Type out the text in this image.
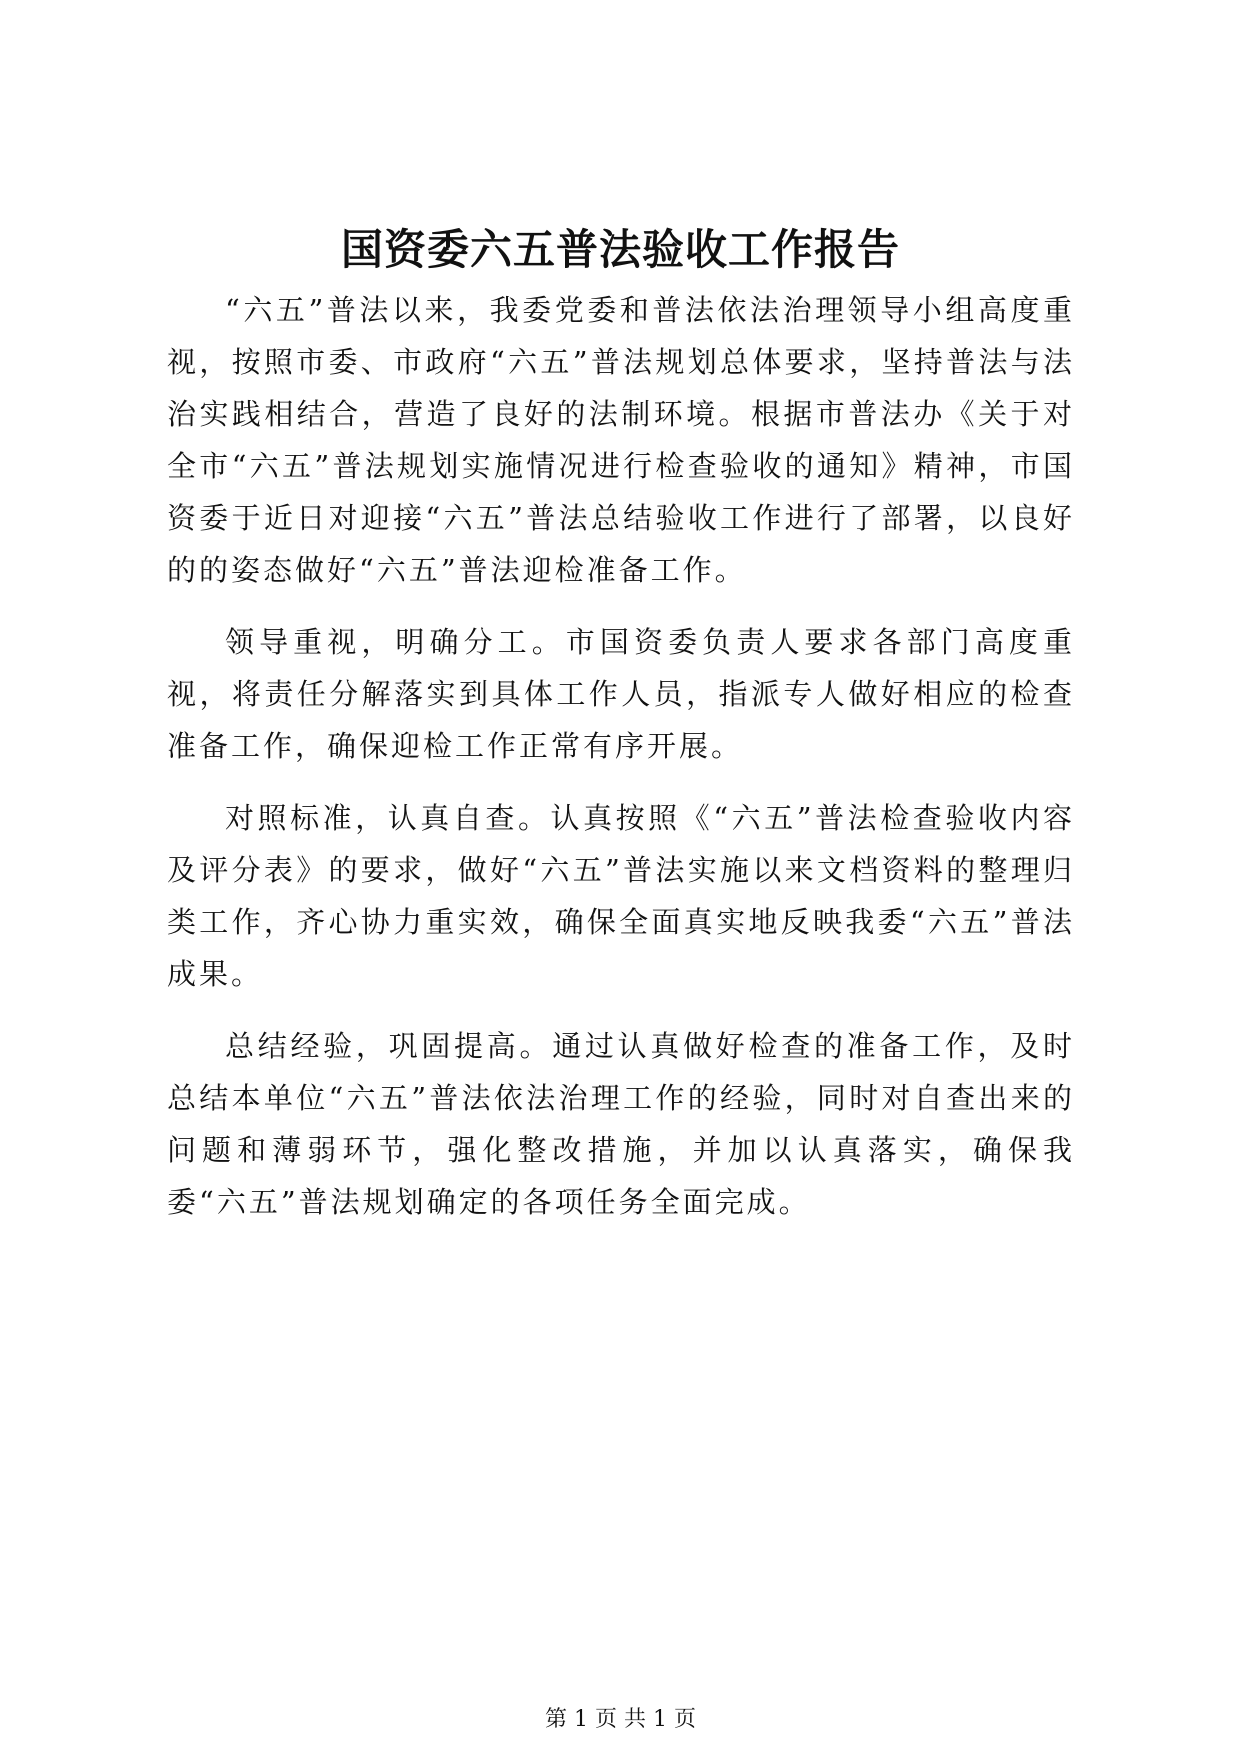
国资委六五普法验收工作报告

“六五”普法以来，我委党委和普法依法治理领导小组高度重视，按照市委、市政府“六五”普法规划总体要求，坚持普法与法治实践相结合，营造了良好的法制环境。根据市普法办《关于对全市“六五”普法规划实施情况进行检查验收的通知》精神，市国资委于近日对迎接“六五”普法总结验收工作进行了部署，以良好的的姿态做好“六五”普法迎检准备工作。

领导重视，明确分工。市国资委负责人要求各部门高度重视，将责任分解落实到具体工作人员，指派专人做好相应的检查准备工作，确保迎检工作正常有序开展。

对照标准，认真自查。认真按照《“六五”普法检查验收内容及评分表》的要求，做好“六五”普法实施以来文档资料的整理归类工作，齐心协力重实效，确保全面真实地反映我委“六五”普法成果。

总结经验，巩固提高。通过认真做好检查的准备工作，及时总结本单位“六五”普法依法治理工作的经验，同时对自查出来的问题和薄弱环节，强化整改措施，并加以认真落实，确保我委“六五”普法规划确定的各项任务全面完成。

第 1 页 共 1 页
